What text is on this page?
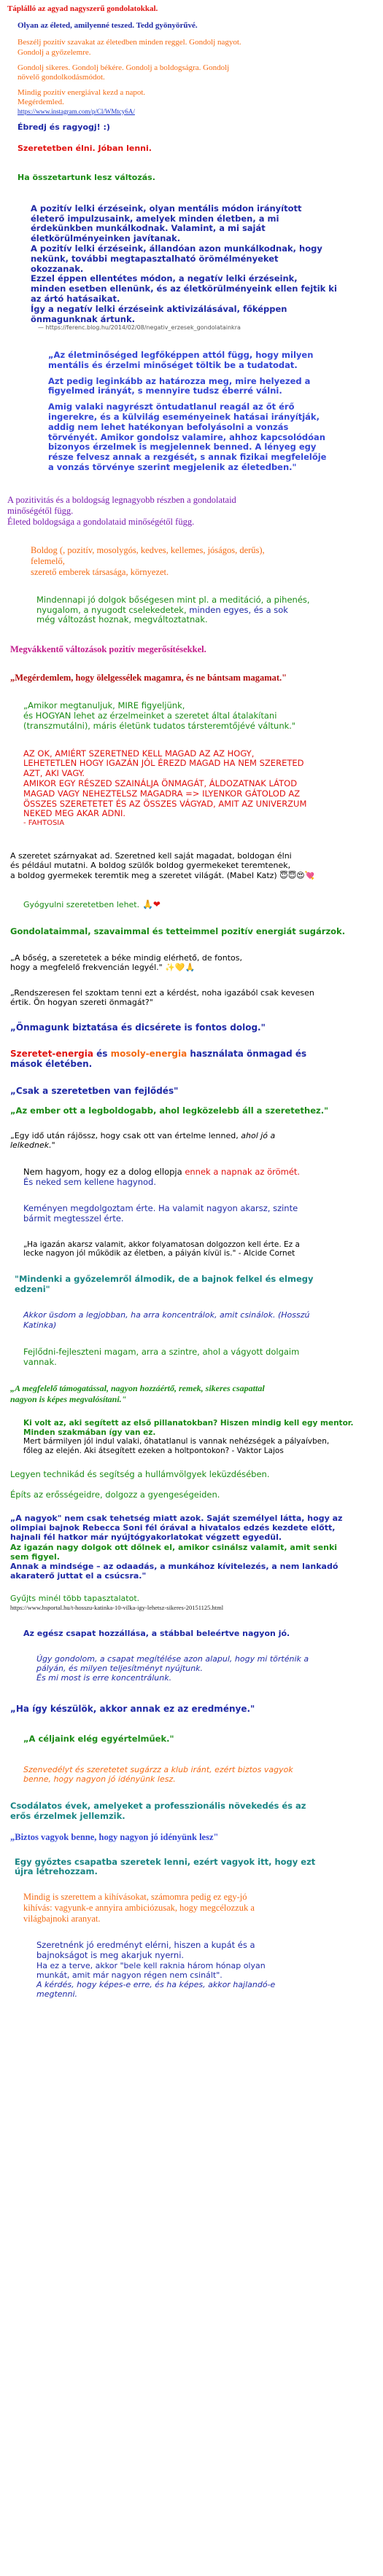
Táplálló az agyad nagyszerű gondolatokkal.
Olyan az életed, amilyenné teszed. Tedd gyönyörűvé.
Beszélj pozitív szavakat az életedben minden reggel. Gondolj nagyot.
Gondolj a győzelemre.
Gondolj sikeres. Gondolj békére. Gondolj a boldogságra. Gondolj
növelő gondolkodásmódot.
Mindig pozitív energiával kezd a napot.
Megérdemled.
https://www.instagram.com/p/Cl/WMtcy6A/
Ébredj és ragyogj! :)
Szeretetben élni. Jóban lenni.
Ha összetartunk lesz változás.
A pozitív lelki érzéseink, olyan mentális módon irányított
életerő impulzusaink, amelyek minden életben, a mi
érdekünkben munkálkodnak. Valamint, a mi saját
életkörülményeinken javítanak.
A pozitív lelki érzéseink, állandóan azon munkálkodnak, hogy
nekünk, további megtapasztalható örömélményeket
okozzanak.
Ezzel éppen ellentétes módon, a negatív lelki érzéseink,
minden esetben ellenünk, és az életkörülményeink ellen fejtik ki
az ártó hatásaikat.
Így a negatív lelki érzéseink aktivizálásával, főképpen
önmagunknak ártunk.
— https://ferenc.blog.hu/2014/02/08/negativ_erzesek_gondolatainkra
„Az életminőséged legfőképpen attól függ, hogy milyen
mentális és érzelmi minőséget töltik be a tudatodat.
Azt pedig leginkább az határozza meg, mire helyezed a
figyelmed irányát, s mennyire tudsz éberré válni.
Amig valaki nagyrészt öntudatlanul reagál az őt érő
ingerekre, és a külvilág eseményeinek hatásai irányítják,
addig nem lehet hatékonyan befolyásolni a vonzás
törvényét. Amikor gondolsz valamire, ahhoz kapcsolódóan
bizonyos érzelmek is megjelennek benned. A lényeg egy
része felvesz annak a rezgését, s annak fizikai megfelelője
a vonzás törvénye szerint megjelenik az életedben."
A pozitivitás és a boldogság legnagyobb részben a gondolataid
minőségétől függ.
Életed boldogsága a gondolataid minőségétől függ.
Boldog (, pozitív, mosolygós, kedves, kellemes, jóságos, derűs),
felemelő,
szerető emberek társasága, környezet.
Mindennapi jó dolgok bőségesen mint pl. a meditáció, a pihenés,
nyugalom, a nyugodt cselekedetek, minden egyes, és a sok
még változást hoznak, megváltoztatnak.
Megvákkentő változások pozitív megerősítésekkel.
„Megérdemlem, hogy ölelgessélek magamra, és ne bántsam magamat."
„Amikor megtanuljuk, MIRE figyeljünk,
és HOGYAN lehet az érzelmeinket a szeretet által átalakítani
(transzmutálni), máris életünk tudatos társteremtőjévé váltunk."
AZ OK, AMIÉRT SZERETNED KELL MAGAD AZ AZ HOGY,
LEHETETLEN HOGY IGAZÁN JÓL ÉREZD MAGAD HA NEM SZERETED
AZT, AKI VAGY.
AMIKOR EGY RÉSZED SZAINÁLJA ÖNMAGÁT, ÁLDOZATNAK LÁTOD
MAGAD VAGY NEHEZTELSZ MAGADRA => ILYENKOR GÁTOLOD AZ
ÖSSZES SZERETETET ÉS AZ ÖSSZES VÁGYAD, AMIT AZ UNIVERZUM
NEKED MEG AKAR ADNI.
- FAHTOSIA
A szeretet szárnyakat ad. Szeretned kell saját magadat, boldogan élni
és például mutatni. A boldog szülők boldog gyermekeket teremtenek,
a boldog gyermekek teremtik meg a szeretet világát. (Mabel Katz) 😇😇😍💘
Gyógyulni szeretetben lehet. 🙏❤
Gondolataimmal, szavaimmal és tetteimmel pozitív energiát sugárzok.
„A bőség, a szeretetek a béke mindig elérhető, de fontos,
hogy a megfelelő frekvencián legyél." ✨💛🙏
„Rendszeresen fel szoktam tenni ezt a kérdést, noha igazából csak kevesen
értik. Ön hogyan szereti önmagát?"
„Önmagunk biztatása és dicsérete is fontos dolog."
Szeretet-energia és mosoly-energia használata önmagad és
mások életében.
„Csak a szeretetben van fejlődés"
„Az ember ott a legboldogabb, ahol legközelebb áll a szeretethez."
„Egy idő után rájössz, hogy csak ott van értelme lenned, ahol jó a
lelkednek."
Nem hagyom, hogy ez a dolog ellopja ennek a napnak az örömét.
És neked sem kellene hagynod.
Keményen megdolgoztam érte. Ha valamit nagyon akarsz, szinte
bármit megtesszel érte.
„Ha igazán akarsz valamit, akkor folyamatosan dolgozzon kell érte. Ez a
lecke nagyon jól működik az életben, a páiyán kívül is." - Alcide Cornet
"Mindenki a győzelemről álmodik, de a bajnok felkel és elmegy
edzeni"
Akkor üsdom a legjobban, ha arra koncentrálok, amit csinálok. (Hosszú
Katinka)
Fejlődni-fejleszteni magam, arra a szintre, ahol a vágyott dolgaim
vannak.
„A megfelelő támogatással, nagyon hozzáértő, remek, sikeres csapattal
nagyon is képes megvalósítani."
Ki volt az, aki segített az első pillanatokban? Hiszen mindig kell egy mentor.
Minden szakmában így van ez.
Mert bármilyen jól indul valaki, óhatatlanul is vannak nehézségek a pályaívben,
főleg az elején. Aki átsegített ezeken a holtpontokon? - Vaktor Lajos
Legyen technikád és segítség a hullámvölgyek leküzdésében.
Építs az erősségeidre, dolgozz a gyengeségeiden.
„A nagyok" nem csak tehetség miatt azok. Saját személyel látta, hogy az
olimpiai bajnok Rebecca Soni fél órával a hivatalos edzés kezdete előtt,
hajnali fél hatkor már nyújtógyakorlatokat végzett egyedül.
Az igazán nagy dolgok ott dőlnek el, amikor csinálsz valamit, amit senki
sem figyel.
Annak a mindsége – az odaadás, a munkához kívitelezés, a nem lankadó
akaraterő juttat el a csúcsra."
Gyűjts minél több tapasztalatot.
https://www.hsportal.hu/t-hosszu-katinka-10-vilka-igy-lehetsz-sikeres-20151125.html
Az egész csapat hozzállása, a stábbal beleértve nagyon jó.
Úgy gondolom, a csapat megítélése azon alapul, hogy mi történik a
pályán, és milyen teljesítményt nyújtunk.
És mi most is erre koncentrálunk.
„Ha így készülök, akkor annak ez az eredménye."
„A céljaink elég egyértelműek."
Szenvedélyt és szeretetet sugárzz a klub iránt, ezért biztos vagyok
benne, hogy nagyon jó idényünk lesz.
Csodálatos évek, amelyeket a professzionális növekedés és az
erős érzelmek jellemzik.
„Biztos vagyok benne, hogy nagyon jó idényünk lesz"
Egy győztes csapatba szeretek lenni, ezért vagyok itt, hogy ezt
újra létrehozzam.
Mindig is szerettem a kihívásokat, számomra pedig ez egy-jó
kihívás: vagyunk-e annyira ambiciózusak, hogy megcélozzuk a
világbajnoki aranyat.
Szeretnénk jó eredményt elérni, hiszen a kupát és a
bajnokságot is meg akarjuk nyerni.
Ha ez a terve, akkor "bele kell raknia három hónap olyan
munkát, amit már nagyon régen nem csinált".
A kérdés, hogy képes-e erre, és ha képes, akkor hajlandó-e
megtenni.
